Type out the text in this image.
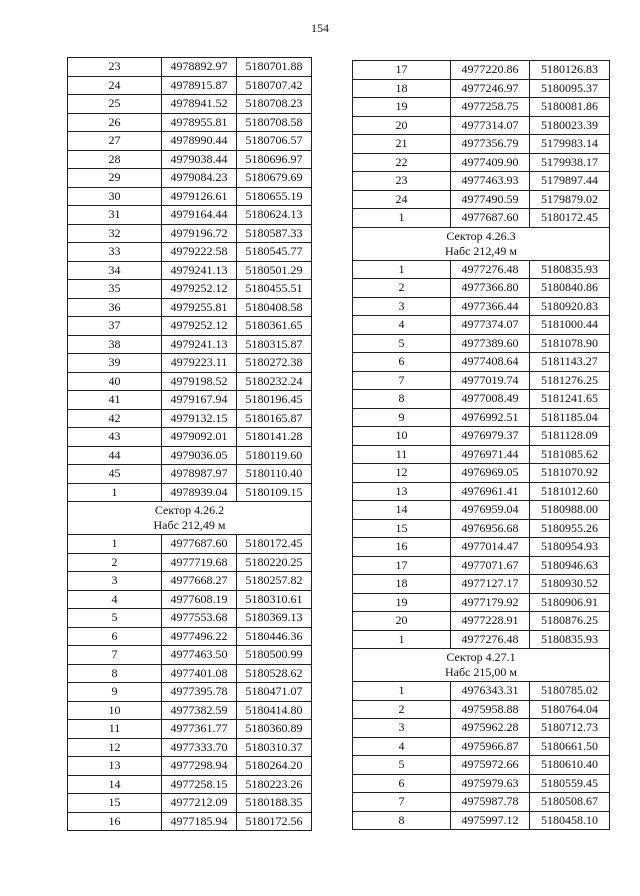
154
23	4978892.97	5180701.88
24	4978915.87	5180707.42
25	4978941.52	5180708.23
26	4978955.81	5180708.58
27	4978990.44	5180706.57
28	4979038.44	5180696.97
29	4979084.23	5180679.69
30	4979126.61	5180655.19
31	4979164.44	5180624.13
32	4979196.72	5180587.33
33	4979222.58	5180545.77
34	4979241.13	5180501.29
35	4979252.12	5180455.51
36	4979255.81	5180408.58
37	4979252.12	5180361.65
38	4979241.13	5180315.87
39	4979223.11	5180272.38
40	4979198.52	5180232.24
41	4979167.94	5180196.45
42	4979132.15	5180165.87
43	4979092.01	5180141.28
44	4979036.05	5180119.60
45	4978987.97	5180110.40
1	4978939.04	5180109.15

Сектор 4.26.2
Набс 212,49 м		

1	4977687.60	5180172.45
2	4977719.68	5180220.25
3	4977668.27	5180257.82
4	4977608.19	5180310.61
5	4977553.68	5180369.13
6	4977496.22	5180446.36
7	4977463.50	5180500.99
8	4977401.08	5180528.62
9	4977395.78	5180471.07
10	4977382.59	5180414.80
11	4977361.77	5180360.89
12	4977333.70	5180310.37
13	4977298.94	5180264.20
14	4977258.15	5180223.26
15	4977212.09	5180188.35
16	4977185.94	5180172.56
17	4977220.86	5180126.83
18	4977246.97	5180095.37
19	4977258.75	5180081.86
20	4977314.07	5180023.39
21	4977356.79	5179983.14
22	4977409.90	5179938.17
23	4977463.93	5179897.44
24	4977490.59	5179879.02
1	4977687.60	5180172.45

Сектор 4.26.3
Набс 212,49 м		

1	4977276.48	5180835.93
2	4977366.80	5180840.86
3	4977366.44	5180920.83
4	4977374.07	5181000.44
5	4977389.60	5181078.90
6	4977408.64	5181143.27
7	4977019.74	5181276.25
8	4977008.49	5181241.65
9	4976992.51	5181185.04
10	4976979.37	5181128.09
11	4976971.44	5181085.62
12	4976969.05	5181070.92
13	4976961.41	5181012.60
14	4976959.04	5180988.00
15	4976956.68	5180955.26
16	4977014.47	5180954.93
17	4977071.67	5180946.63
18	4977127.17	5180930.52
19	4977179.92	5180906.91
20	4977228.91	5180876.25
1	4977276.48	5180835.93

Сектор 4.27.1
Набс 215,00 м		

1	4976343.31	5180785.02
2	4975958.88	5180764.04
3	4975962.28	5180712.73
4	4975966.87	5180661.50
5	4975972.66	5180610.40
6	4975979.63	5180559.45
7	4975987.78	5180508.67
8	4975997.12	5180458.10
